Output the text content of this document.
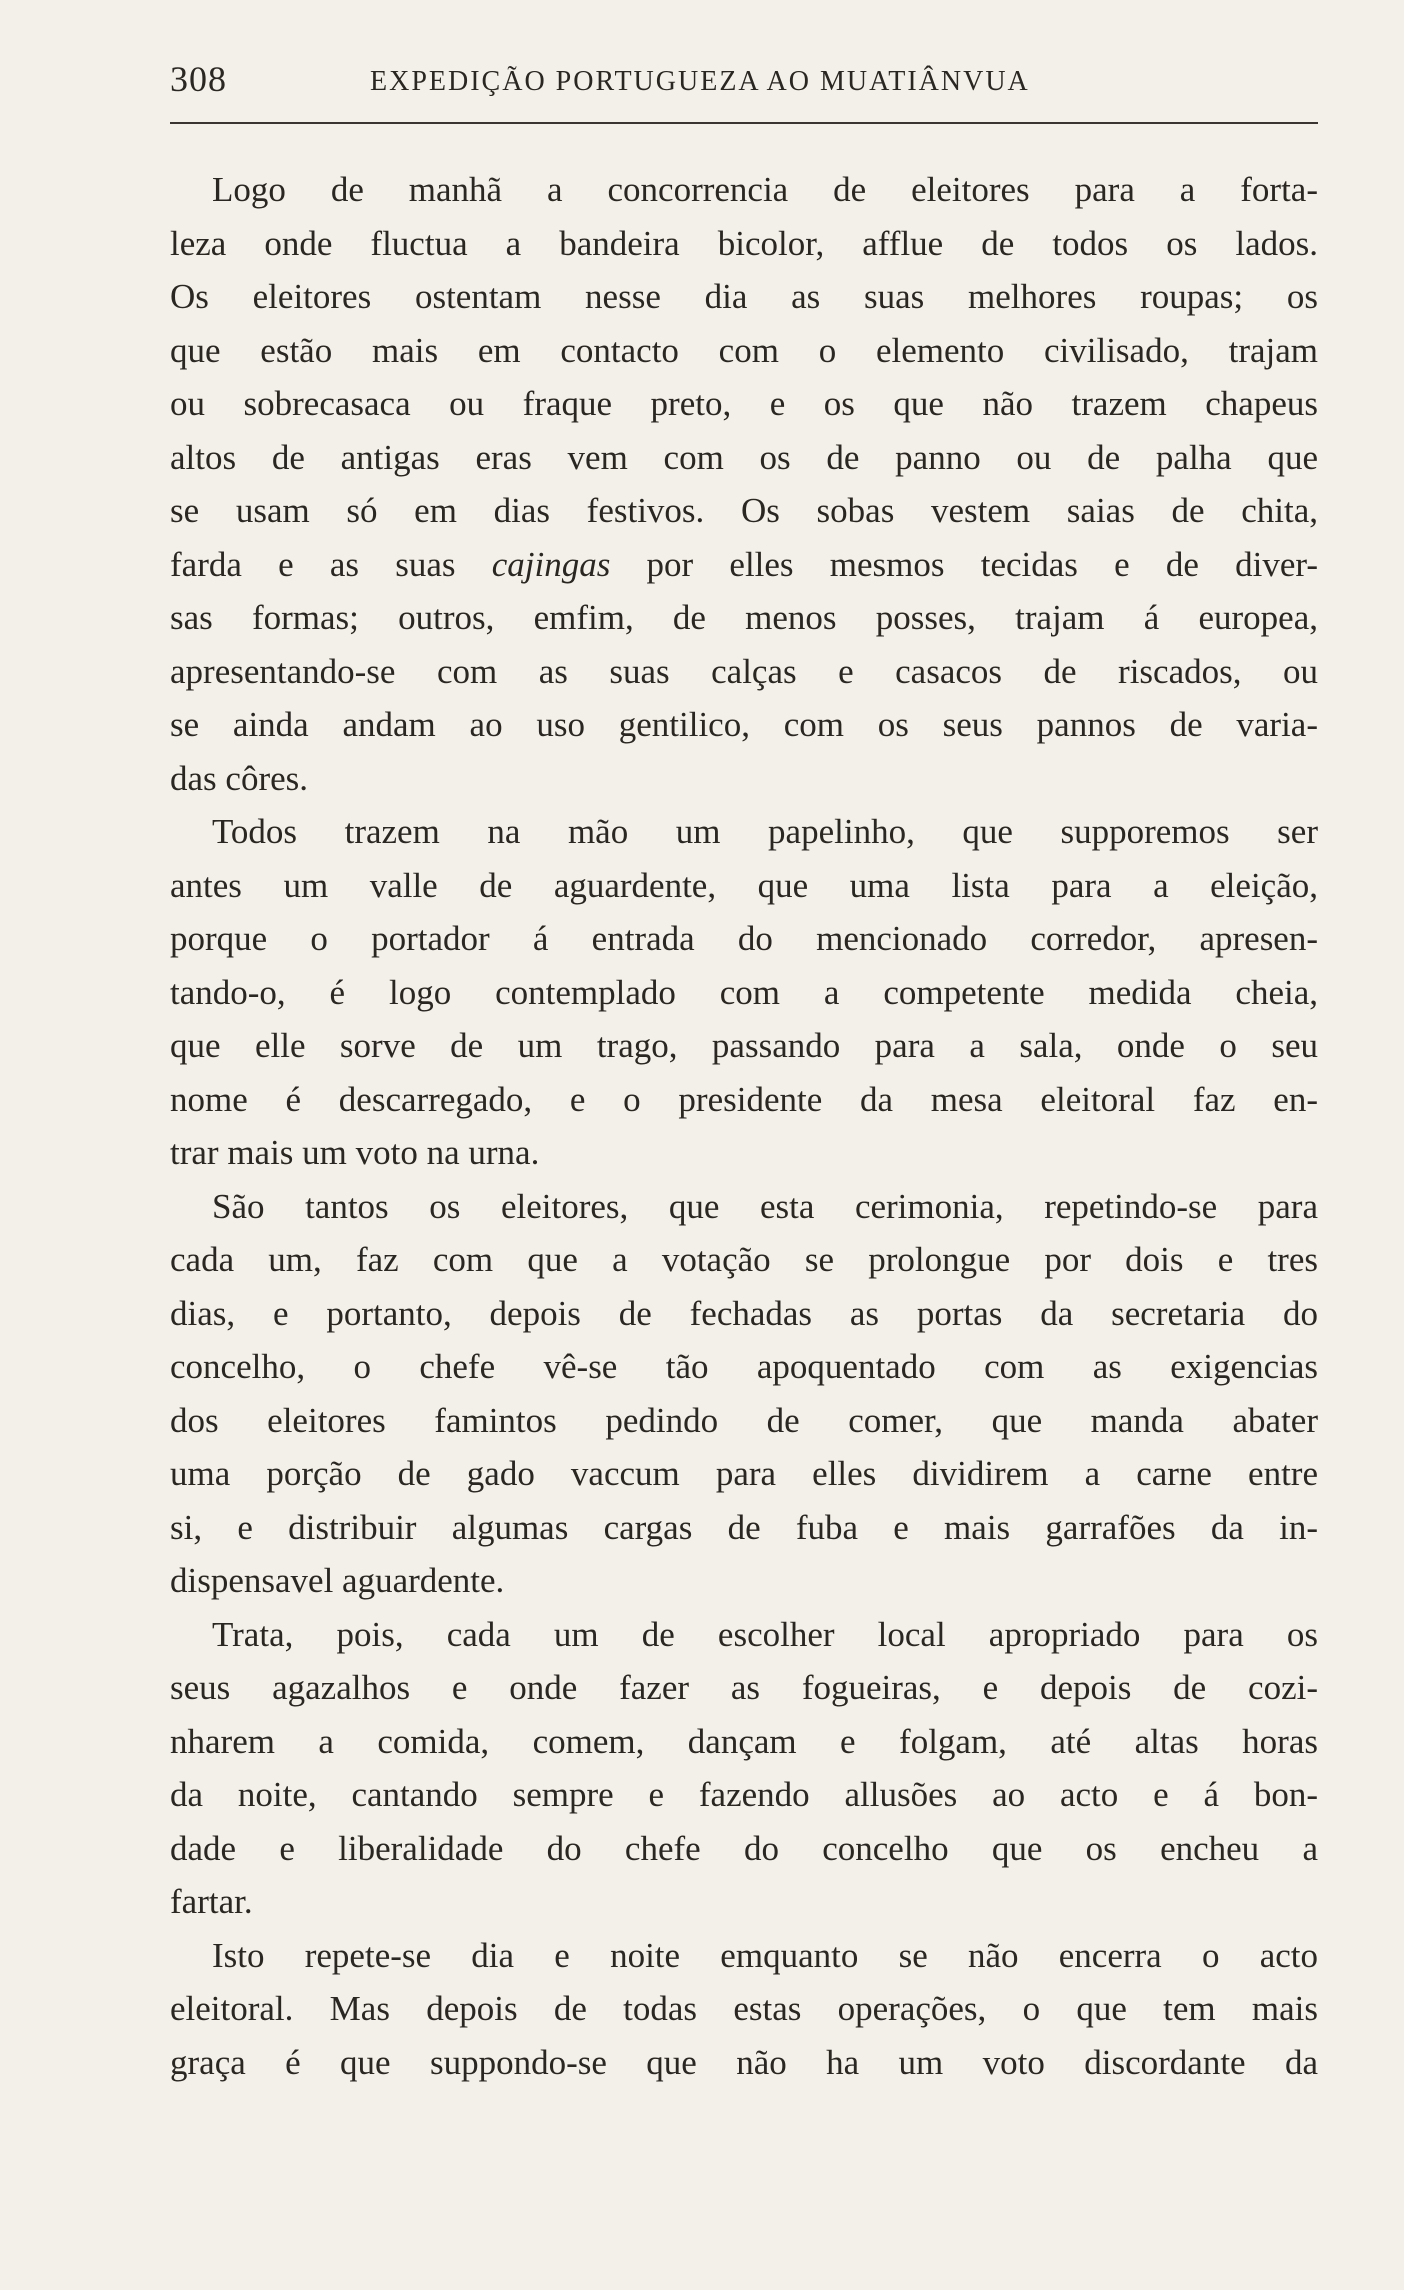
308	EXPEDIÇÃO PORTUGUEZA AO MUATIÂNVUA
Logo de manhã a concorrencia de eleitores para a forta-
leza onde fluctua a bandeira bicolor, afflue de todos os lados.
Os eleitores ostentam nesse dia as suas melhores roupas; os
que estão mais em contacto com o elemento civilisado, trajam
ou sobrecasaca ou fraque preto, e os que não trazem chapeus
altos de antigas eras vem com os de panno ou de palha que
se usam só em dias festivos. Os sobas vestem saias de chita,
farda e as suas cajingas por elles mesmos tecidas e de diver-
sas formas; outros, emfim, de menos posses, trajam á europea,
apresentando-se com as suas calças e casacos de riscados, ou
se ainda andam ao uso gentilico, com os seus pannos de varia-
das côres.
Todos trazem na mão um papelinho, que supporemos ser
antes um valle de aguardente, que uma lista para a eleição,
porque o portador á entrada do mencionado corredor, apresen-
tando-o, é logo contemplado com a competente medida cheia,
que elle sorve de um trago, passando para a sala, onde o seu
nome é descarregado, e o presidente da mesa eleitoral faz en-
trar mais um voto na urna.
São tantos os eleitores, que esta cerimonia, repetindo-se para
cada um, faz com que a votação se prolongue por dois e tres
dias, e portanto, depois de fechadas as portas da secretaria do
concelho, o chefe vê-se tão apoquentado com as exigencias
dos eleitores famintos pedindo de comer, que manda abater
uma porção de gado vaccum para elles dividirem a carne entre
si, e distribuir algumas cargas de fuba e mais garrafões da in-
dispensavel aguardente.
Trata, pois, cada um de escolher local apropriado para os
seus agazalhos e onde fazer as fogueiras, e depois de cozi-
nharem a comida, comem, dançam e folgam, até altas horas
da noite, cantando sempre e fazendo allusões ao acto e á bon-
dade e liberalidade do chefe do concelho que os encheu a
fartar.
Isto repete-se dia e noite emquanto se não encerra o acto
eleitoral. Mas depois de todas estas operações, o que tem mais
graça é que suppondo-se que não ha um voto discordante da
